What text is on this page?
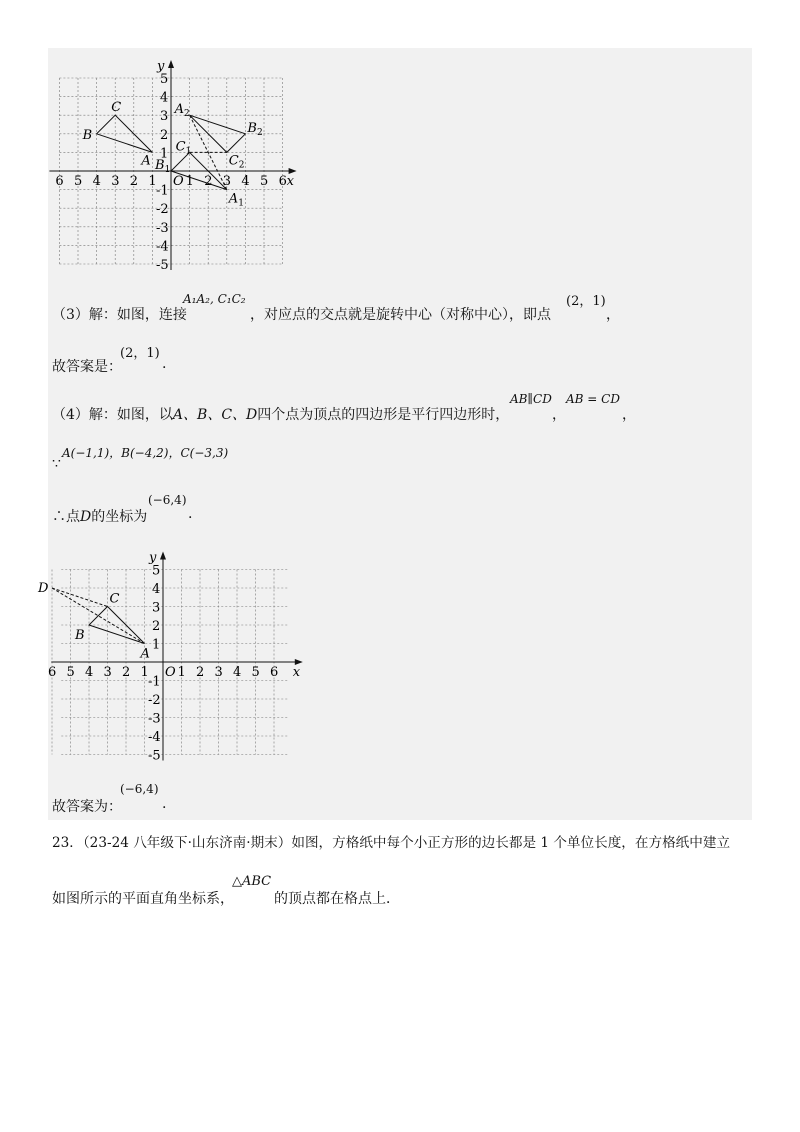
x
y
6 5 4 3 2 1 1 2 3 4 5 6
5
4
3
2
1
-1
-2
-3
-4
-5
O
A
B
C
$A_1$
$B_1$
$C_1$
$A_2$
$B_2$
$C_2$
（3）解：如图，连接
A₁A₂, C₁C₂
，对应点的交点就是旋转中心（对称中心），即点
(2，1)
，
故答案是：
(2，1)
.
（4）解：如图，以A、B、C、D四个点为顶点的四边形是平行四边形时，
AB∥CD
，
AB = CD
，
A(−1,1)，B(−4,2)，C(−3,3)
∵
∴点D的坐标为
(−6,4)
.
x
y
6 5 4 3 2 1 1 2 3 4 5 6
5
4
3
2
1
-1
-2
-3
-4
-5
O
A
B
C
D
故答案为：
(−6,4)
.
23．（23-24 八年级下·山东济南·期末）如图，方格纸中每个小正方形的边长都是 1 个单位长度，在方格纸中建立
如图所示的平面直角坐标系，
△ABC
的顶点都在格点上．
